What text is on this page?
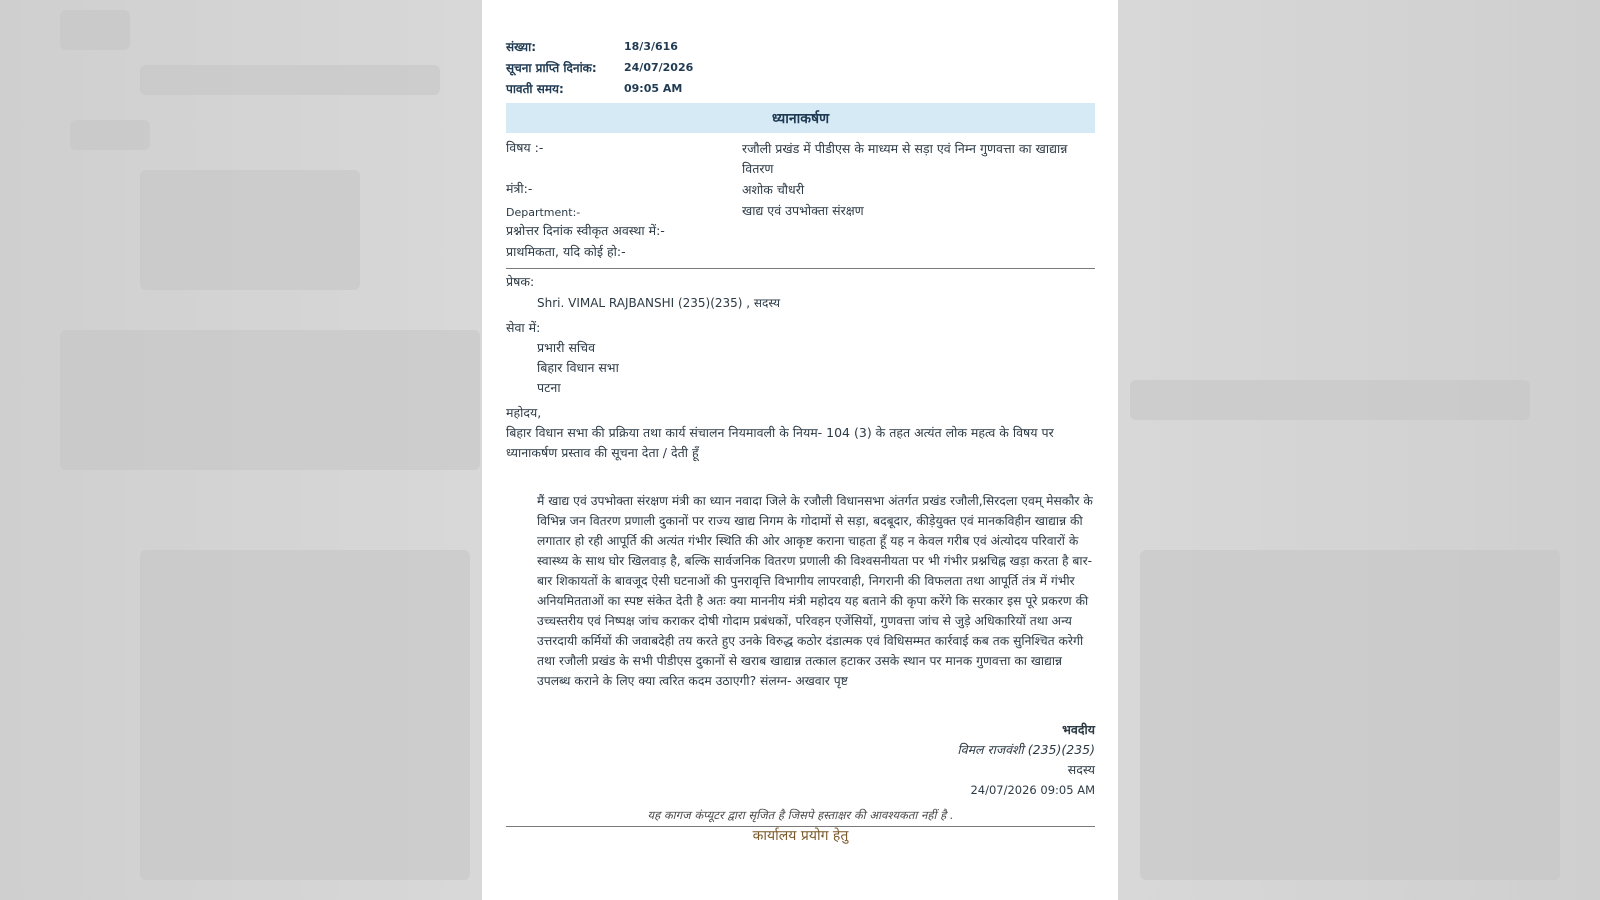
संख्या:	18/3/616
सूचना प्राप्ति दिनांक:	24/07/2026
पावती समय:	09:05 AM
ध्यानाकर्षण
विषय :-	रजौली प्रखंड में पीडीएस के माध्यम से सड़ा एवं निम्न गुणवत्ता का खाद्यान्न वितरण
मंत्री:-	अशोक चौधरी
Department:-	खाद्य एवं उपभोक्ता संरक्षण
प्रश्नोत्तर दिनांक स्वीकृत अवस्था में:-
प्राथमिकता, यदि कोई हो:-
प्रेषक:
Shri. VIMAL RAJBANSHI (235)(235) , सदस्य
सेवा में:
प्रभारी सचिव
बिहार विधान सभा
पटना
महोदय,
बिहार विधान सभा की प्रक्रिया तथा कार्य संचालन नियमावली के नियम- 104 (3) के तहत अत्यंत लोक महत्व के विषय पर ध्यानाकर्षण प्रस्ताव की सूचना देता / देती हूँ
मैं खाद्य एवं उपभोक्ता संरक्षण मंत्री का ध्यान नवादा जिले के रजौली विधानसभा अंतर्गत प्रखंड रजौली,सिरदला एवम् मेसकौर के विभिन्न जन वितरण प्रणाली दुकानों पर राज्य खाद्य निगम के गोदामों से सड़ा, बदबूदार, कीड़ेयुक्त एवं मानकविहीन खाद्यान्न की लगातार हो रही आपूर्ति की अत्यंत गंभीर स्थिति की ओर आकृष्ट कराना चाहता हूँ यह न केवल गरीब एवं अंत्योदय परिवारों के स्वास्थ्य के साथ घोर खिलवाड़ है, बल्कि सार्वजनिक वितरण प्रणाली की विश्वसनीयता पर भी गंभीर प्रश्नचिह्न खड़ा करता है बार-बार शिकायतों के बावजूद ऐसी घटनाओं की पुनरावृत्ति विभागीय लापरवाही, निगरानी की विफलता तथा आपूर्ति तंत्र में गंभीर अनियमितताओं का स्पष्ट संकेत देती है अतः क्या माननीय मंत्री महोदय यह बताने की कृपा करेंगे कि सरकार इस पूरे प्रकरण की उच्चस्तरीय एवं निष्पक्ष जांच कराकर दोषी गोदाम प्रबंधकों, परिवहन एजेंसियों, गुणवत्ता जांच से जुड़े अधिकारियों तथा अन्य उत्तरदायी कर्मियों की जवाबदेही तय करते हुए उनके विरुद्ध कठोर दंडात्मक एवं विधिसम्मत कार्रवाई कब तक सुनिश्चित करेगी तथा रजौली प्रखंड के सभी पीडीएस दुकानों से खराब खाद्यान्न तत्काल हटाकर उसके स्थान पर मानक गुणवत्ता का खाद्यान्न उपलब्ध कराने के लिए क्या त्वरित कदम उठाएगी? संलग्न- अखवार पृष्ट
भवदीय
विमल राजवंशी (235)(235)
सदस्य
24/07/2026 09:05 AM
यह कागज कंप्यूटर द्वारा सृजित है जिसपे हस्ताक्षर की आवश्यकता नहीं है .
कार्यालय प्रयोग हेतु
